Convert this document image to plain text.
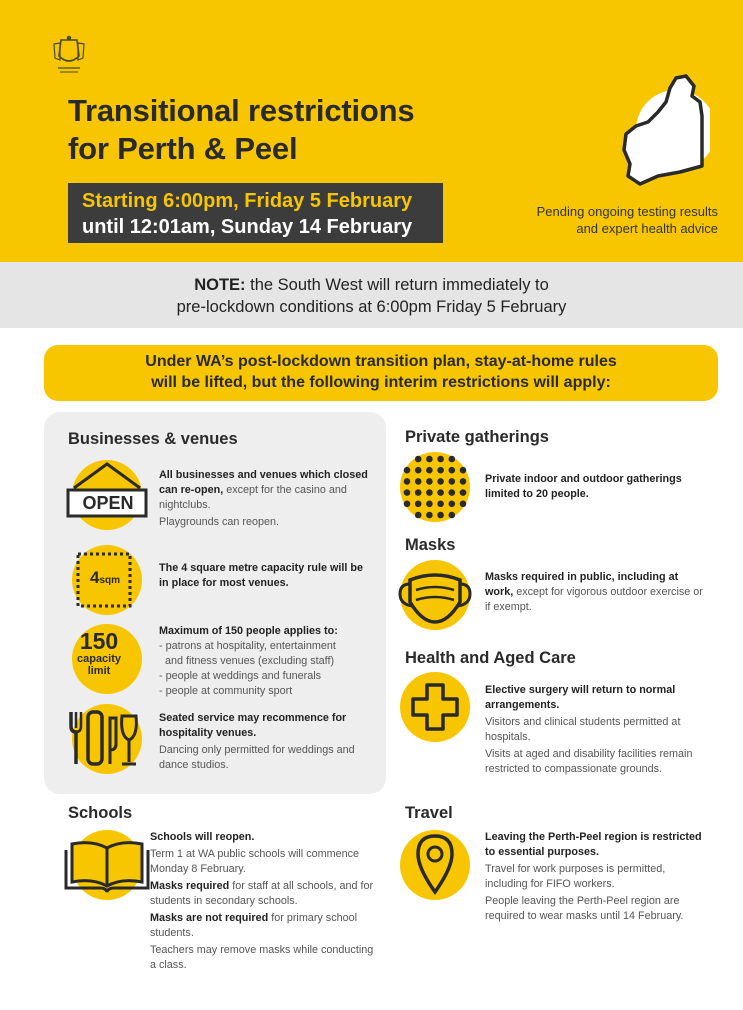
Transitional restrictions
for Perth & Peel
Starting 6:00pm, Friday 5 February
until 12:01am, Sunday 14 February
Pending ongoing testing results
and expert health advice
NOTE: the South West will return immediately to
pre-lockdown conditions at 6:00pm Friday 5 February
Under WA’s post-lockdown transition plan, stay-at-home rules
will be lifted, but the following interim restrictions will apply:
Businesses & venues
OPEN

All businesses and venues which closed can re-open, except for the casino and nightclubs.

Playgrounds can reopen.

4sqm

The 4 square metre capacity rule will be in place for most venues.

150
capacity
limit

Maximum of 150 people applies to:

- patrons at hospitality, entertainment
and fitness venues (excluding staff)
- people at weddings and funerals
- people at community sport

Seated service may recommence for hospitality venues.

Dancing only permitted for weddings and dance studios.

Schools

Schools will reopen.

Term 1 at WA public schools will commence Monday 8 February.

Masks required for staff at all schools, and for students in secondary schools.

Masks are not required for primary school students.

Teachers may remove masks while conducting a class.

Private gatherings

Private indoor and outdoor gatherings limited to 20 people.

Masks

Masks required in public, including at work, except for vigorous outdoor exercise or if exempt.

Health and Aged Care

Elective surgery will return to normal arrangements.

Visitors and clinical students permitted at hospitals.

Visits at aged and disability facilities remain restricted to compassionate grounds.

Travel

Leaving the Perth-Peel region is restricted to essential purposes.

Travel for work purposes is permitted, including for FIFO workers.

People leaving the Perth-Peel region are required to wear masks until 14 February.
